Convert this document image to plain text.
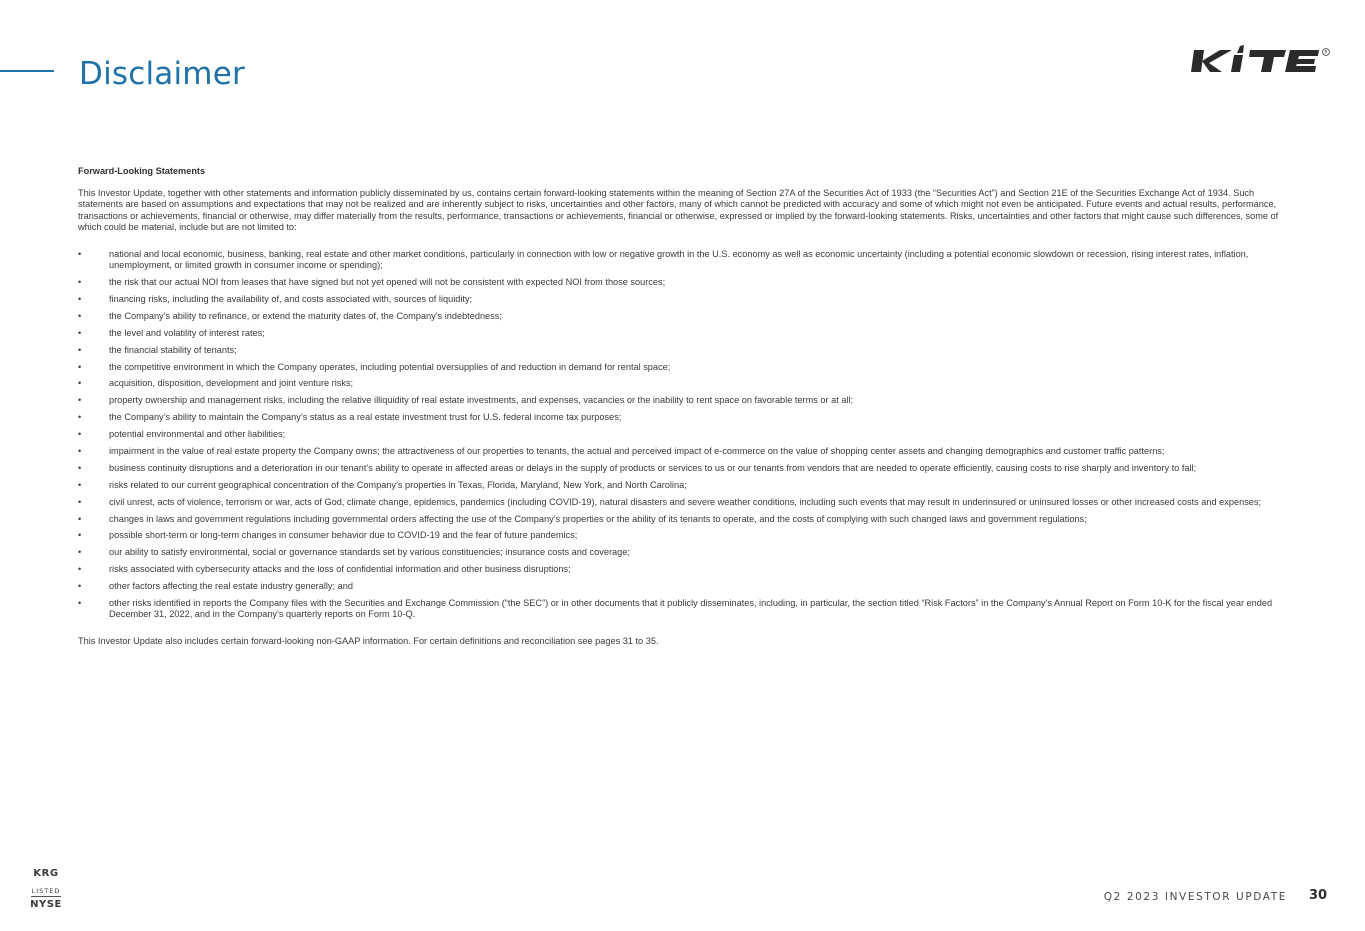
Disclaimer
R

Forward-Looking Statements

This Investor Update, together with other statements and information publicly disseminated by us, contains certain forward-looking statements within the meaning of Section 27A of the Securities Act of 1933 (the “Securities Act”) and Section 21E of the Securities Exchange Act of 1934. Such statements are based on assumptions and expectations that may not be realized and are inherently subject to risks, uncertainties and other factors, many of which cannot be predicted with accuracy and some of which might not even be anticipated. Future events and actual results, performance, transactions or achievements, financial or otherwise, may differ materially from the results, performance, transactions or achievements, financial or otherwise, expressed or implied by the forward-looking statements. Risks, uncertainties and other factors that might cause such differences, some of which could be material, include but are not limited to:

•	national and local economic, business, banking, real estate and other market conditions, particularly in connection with low or negative growth in the U.S. economy as well as economic uncertainty (including a potential economic slowdown or recession, rising interest rates, inflation, unemployment, or limited growth in consumer income or spending);
•	the risk that our actual NOI from leases that have signed but not yet opened will not be consistent with expected NOI from those sources;
•	financing risks, including the availability of, and costs associated with, sources of liquidity;
•	the Company’s ability to refinance, or extend the maturity dates of, the Company’s indebtedness;
•	the level and volatility of interest rates;
•	the financial stability of tenants;
•	the competitive environment in which the Company operates, including potential oversupplies of and reduction in demand for rental space;
•	acquisition, disposition, development and joint venture risks;
•	property ownership and management risks, including the relative illiquidity of real estate investments, and expenses, vacancies or the inability to rent space on favorable terms or at all;
•	the Company’s ability to maintain the Company’s status as a real estate investment trust for U.S. federal income tax purposes;
•	potential environmental and other liabilities;
•	impairment in the value of real estate property the Company owns; the attractiveness of our properties to tenants, the actual and perceived impact of e-commerce on the value of shopping center assets and changing demographics and customer traffic patterns;
•	business continuity disruptions and a deterioration in our tenant’s ability to operate in affected areas or delays in the supply of products or services to us or our tenants from vendors that are needed to operate efficiently, causing costs to rise sharply and inventory to fall;
•	risks related to our current geographical concentration of the Company’s properties in Texas, Florida, Maryland, New York, and North Carolina;
•	civil unrest, acts of violence, terrorism or war, acts of God, climate change, epidemics, pandemics (including COVID-19), natural disasters and severe weather conditions, including such events that may result in underinsured or uninsured losses or other increased costs and expenses;
•	changes in laws and government regulations including governmental orders affecting the use of the Company’s properties or the ability of its tenants to operate, and the costs of complying with such changed laws and government regulations;
•	possible short-term or long-term changes in consumer behavior due to COVID-19 and the fear of future pandemics;
•	our ability to satisfy environmental, social or governance standards set by various constituencies; insurance costs and coverage;
•	risks associated with cybersecurity attacks and the loss of confidential information and other business disruptions;
•	other factors affecting the real estate industry generally; and
•	other risks identified in reports the Company files with the Securities and Exchange Commission (“the SEC”) or in other documents that it publicly disseminates, including, in particular, the section titled “Risk Factors” in the Company’s Annual Report on Form 10-K for the fiscal year ended December 31, 2022, and in the Company’s quarterly reports on Form 10-Q.

This Investor Update also includes certain forward-looking non-GAAP information. For certain definitions and reconciliation see pages 31 to 35.

KRG
LISTED
NYSE
Q2 2023 INVESTOR UPDATE 30
